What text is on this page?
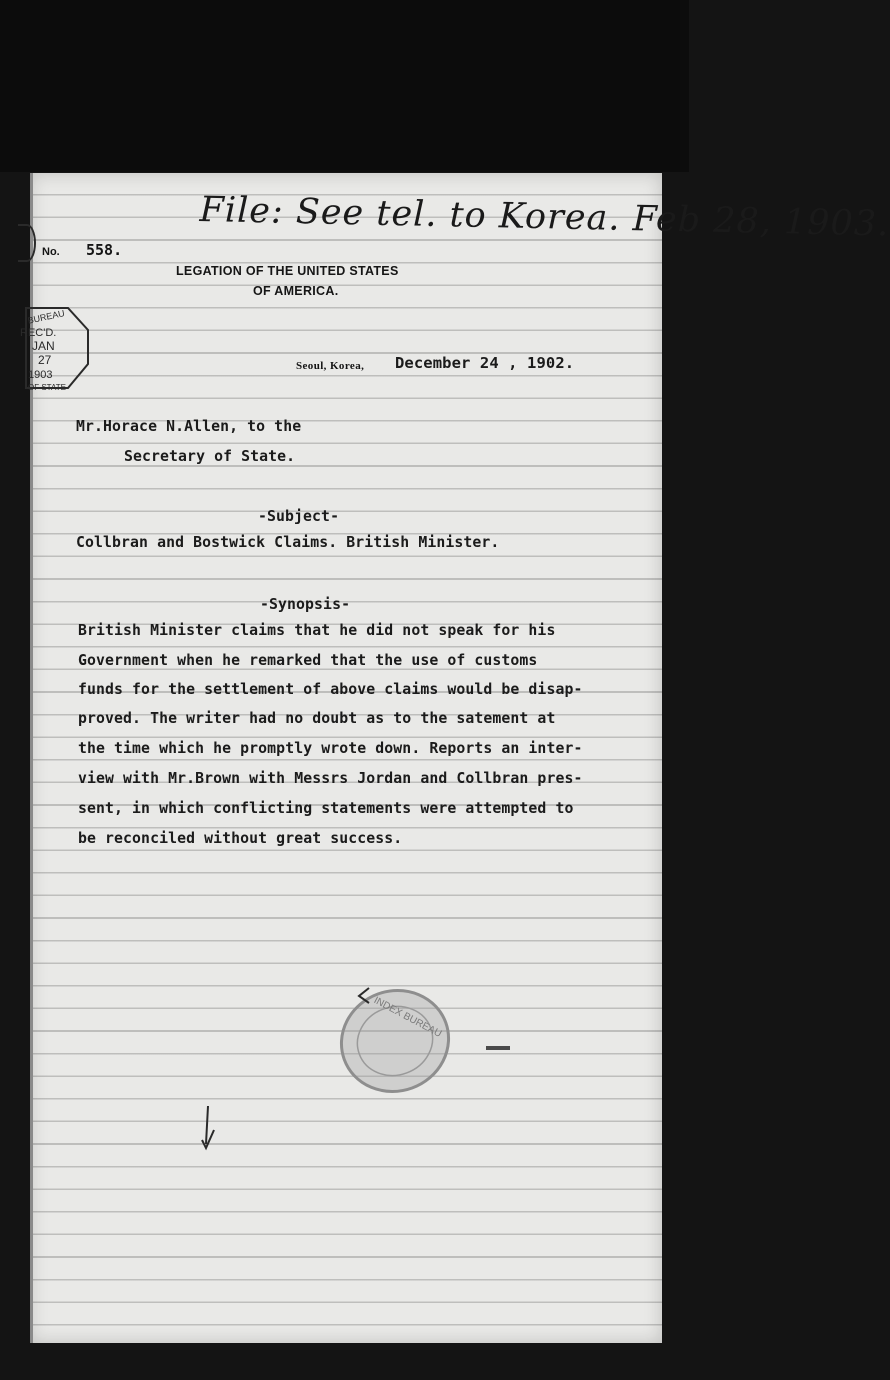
File: See tel. to Korea. Feb 28, 1903.
No. 558.
LEGATION OF THE UNITED STATES
OF AMERICA.
BUREAU
REC'D.
JAN
27
1903
OF STATE
Seoul, Korea, December 24 , 1902.
Mr.Horace N.Allen, to the
Secretary of State.
-Subject-
Collbran and Bostwick Claims. British Minister.
-Synopsis-
British Minister claims that he did not speak for his
Government when he remarked that the use of customs
funds for the settlement of above claims would be disap-
proved. The writer had no doubt as to the satement at
the time which he promptly wrote down. Reports an inter-
view with Mr.Brown with Messrs Jordan and Collbran pres-
sent, in which conflicting statements were attempted to
be reconciled without great success.
INDEX BUREAU
